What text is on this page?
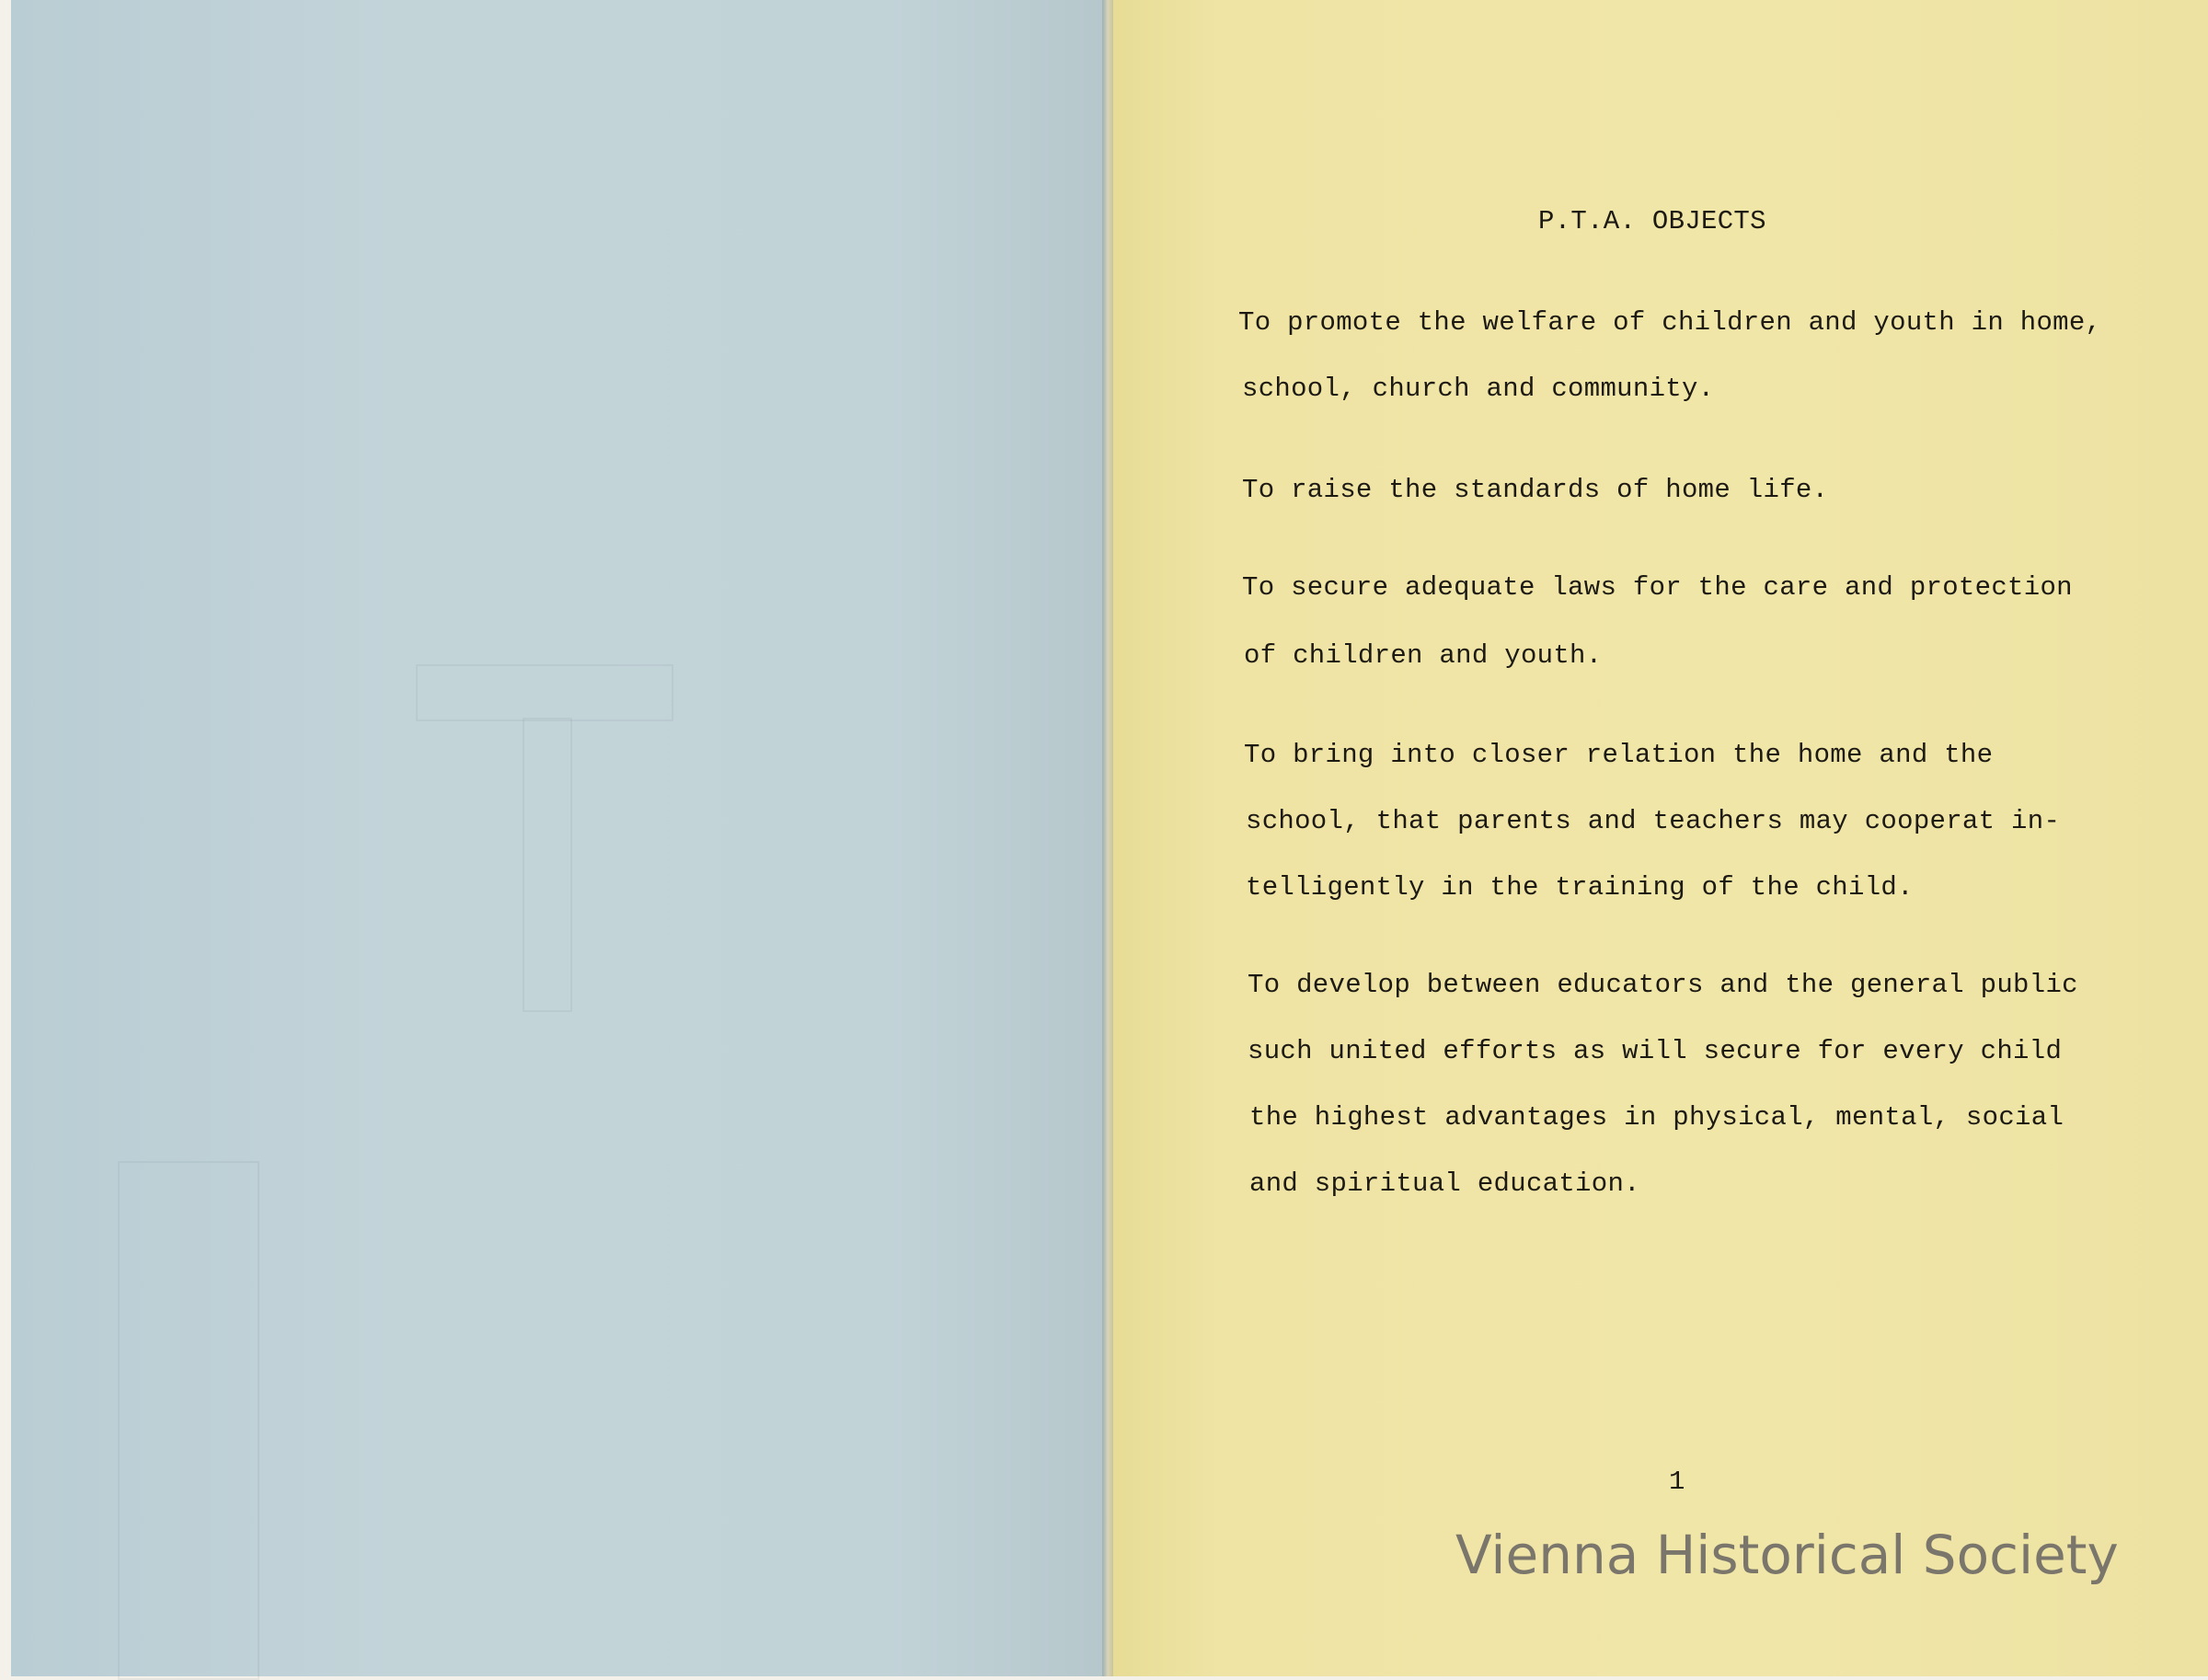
P.T.A. OBJECTS
To promote the welfare of children and youth in home,
school, church and community.
To raise the standards of home life.
To secure adequate laws for the care and protection
of children and youth.
To bring into closer relation the home and the
school, that parents and teachers may cooperat in-
telligently in the training of the child.
To develop between educators and the general public
such united efforts as will secure for every child
the highest advantages in physical, mental, social
and spiritual education.
1
Vienna Historical Society
